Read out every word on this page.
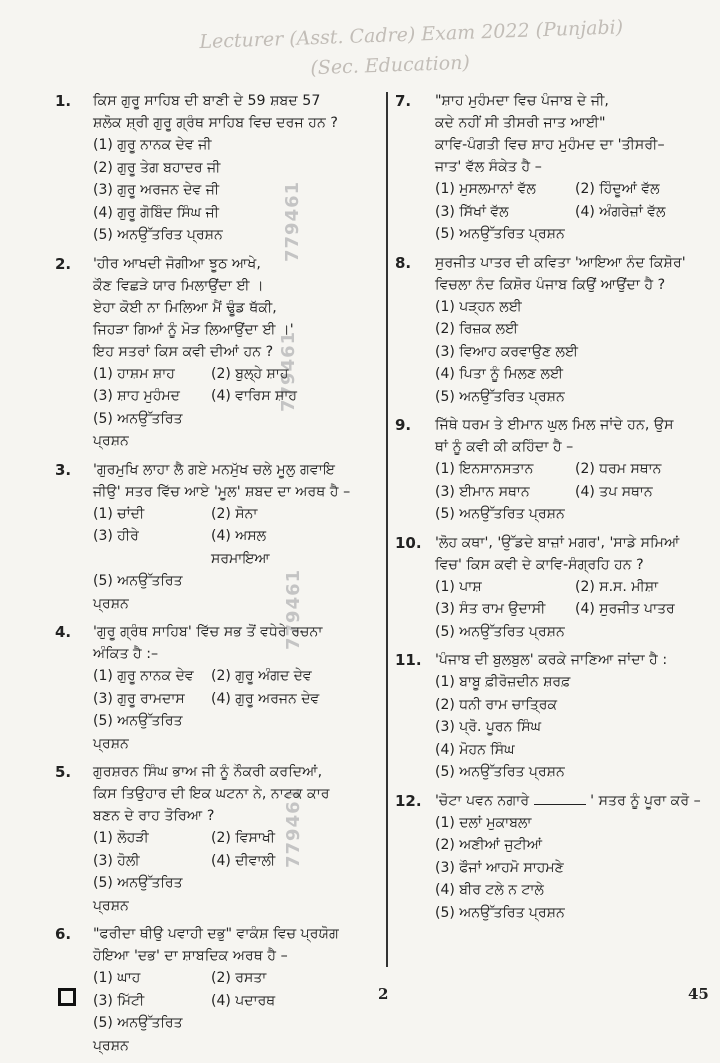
Lecturer (Asst. Cadre) Exam 2022 (Punjabi)
(Sec. Education)
779461
779461
779461
779461
1. ਕਿਸ ਗੁਰੂ ਸਾਹਿਬ ਦੀ ਬਾਣੀ ਦੇ 59 ਸ਼ਬਦ 57
ਸ਼ਲੋਕ ਸ਼੍ਰੀ ਗੁਰੂ ਗ੍ਰੰਥ ਸਾਹਿਬ ਵਿਚ ਦਰਜ ਹਨ ?
(1) ਗੁਰੂ ਨਾਨਕ ਦੇਵ ਜੀ
(2) ਗੁਰੂ ਤੇਗ ਬਹਾਦਰ ਜੀ
(3) ਗੁਰੂ ਅਰਜਨ ਦੇਵ ਜੀ
(4) ਗੁਰੂ ਗੋਬਿੰਦ ਸਿੰਘ ਜੀ
(5) ਅਨਉੱਤਰਿਤ ਪ੍ਰਸ਼ਨ
2. 'ਹੀਰ ਆਖਦੀ ਜੋਗੀਆ ਝੂਠ ਆਖੇ,
ਕੌਣ ਵਿਛੜੇ ਯਾਰ ਮਿਲਾਉਂਦਾ ਈ ।
ਏਹਾ ਕੋਈ ਨਾ ਮਿਲਿਆ ਮੈਂ ਢੂੰਡ ਥੱਕੀ,
ਜਿਹੜਾ ਗਿਆਂ ਨੂੰ ਮੋੜ ਲਿਆਉਂਦਾ ਈ ।'
ਇਹ ਸਤਰਾਂ ਕਿਸ ਕਵੀ ਦੀਆਂ ਹਨ ?
(1) ਹਾਸ਼ਮ ਸ਼ਾਹ	(2) ਬੁਲ੍ਹੇ ਸ਼ਾਹ
(3) ਸ਼ਾਹ ਮੁਹੰਮਦ	(4) ਵਾਰਿਸ ਸ਼ਾਹ
(5) ਅਨਉੱਤਰਿਤ ਪ੍ਰਸ਼ਨ
3. 'ਗੁਰਮੁਖਿ ਲਾਹਾ ਲੈ ਗਏ ਮਨਮੁੱਖ ਚਲੇ ਮੂਲੁ ਗਵਾਇ
ਜੀਉ' ਸਤਰ ਵਿੱਚ ਆਏ 'ਮੂਲ' ਸ਼ਬਦ ਦਾ ਅਰਥ ਹੈ –
(1) ਚਾਂਦੀ	(2) ਸੋਨਾ
(3) ਹੀਰੇ	(4) ਅਸਲ ਸਰਮਾਇਆ
(5) ਅਨਉੱਤਰਿਤ ਪ੍ਰਸ਼ਨ
4. 'ਗੁਰੂ ਗ੍ਰੰਥ ਸਾਹਿਬ' ਵਿੱਚ ਸਭ ਤੋਂ ਵਧੇਰੇ ਰਚਨਾ
ਅੰਕਿਤ ਹੈ :–
(1) ਗੁਰੂ ਨਾਨਕ ਦੇਵ	(2) ਗੁਰੂ ਅੰਗਦ ਦੇਵ
(3) ਗੁਰੂ ਰਾਮਦਾਸ	(4) ਗੁਰੂ ਅਰਜਨ ਦੇਵ
(5) ਅਨਉੱਤਰਿਤ ਪ੍ਰਸ਼ਨ
5. ਗੁਰਸ਼ਰਨ ਸਿੰਘ ਭਾਅ ਜੀ ਨੂੰ ਨੌਕਰੀ ਕਰਦਿਆਂ,
ਕਿਸ ਤਿਉਹਾਰ ਦੀ ਇਕ ਘਟਨਾ ਨੇ, ਨਾਟਕ ਕਾਰ
ਬਣਨ ਦੇ ਰਾਹ ਤੋਰਿਆ ?
(1) ਲੋਹੜੀ	(2) ਵਿਸਾਖੀ
(3) ਹੋਲੀ	(4) ਦੀਵਾਲੀ
(5) ਅਨਉੱਤਰਿਤ ਪ੍ਰਸ਼ਨ
6. "ਫਰੀਦਾ ਥੀਉ ਪਵਾਹੀ ਦਭੁ" ਵਾਕੰਸ਼ ਵਿਚ ਪ੍ਰਯੋਗ
ਹੋਇਆ 'ਦਭ' ਦਾ ਸ਼ਾਬਦਿਕ ਅਰਥ ਹੈ –
(1) ਘਾਹ	(2) ਰਸਤਾ
(3) ਮਿੱਟੀ	(4) ਪਦਾਰਥ
(5) ਅਨਉੱਤਰਿਤ ਪ੍ਰਸ਼ਨ
7. "ਸ਼ਾਹ ਮੁਹੰਮਦਾ ਵਿਚ ਪੰਜਾਬ ਦੇ ਜੀ,
ਕਦੇ ਨਹੀਂ ਸੀ ਤੀਸਰੀ ਜਾਤ ਆਈ"
ਕਾਵਿ-ਪੰਗਤੀ ਵਿਚ ਸ਼ਾਹ ਮੁਹੰਮਦ ਦਾ 'ਤੀਸਰੀ–
ਜਾਤ' ਵੱਲ ਸੰਕੇਤ ਹੈ –
(1) ਮੁਸਲਮਾਨਾਂ ਵੱਲ	(2) ਹਿੰਦੂਆਂ ਵੱਲ
(3) ਸਿੱਖਾਂ ਵੱਲ	(4) ਅੰਗਰੇਜ਼ਾਂ ਵੱਲ
(5) ਅਨਉੱਤਰਿਤ ਪ੍ਰਸ਼ਨ
8. ਸੁਰਜੀਤ ਪਾਤਰ ਦੀ ਕਵਿਤਾ 'ਆਇਆ ਨੰਦ ਕਿਸ਼ੋਰ'
ਵਿਚਲਾ ਨੰਦ ਕਿਸ਼ੋਰ ਪੰਜਾਬ ਕਿਉਂ ਆਉਂਦਾ ਹੈ ?
(1) ਪੜ੍ਹਨ ਲਈ
(2) ਰਿਜ਼ਕ ਲਈ
(3) ਵਿਆਹ ਕਰਵਾਉਣ ਲਈ
(4) ਪਿਤਾ ਨੂੰ ਮਿਲਣ ਲਈ
(5) ਅਨਉੱਤਰਿਤ ਪ੍ਰਸ਼ਨ
9. ਜਿੱਥੇ ਧਰਮ ਤੇ ਈਮਾਨ ਘੁਲ ਮਿਲ ਜਾਂਦੇ ਹਨ, ਉਸ
ਥਾਂ ਨੂੰ ਕਵੀ ਕੀ ਕਹਿੰਦਾ ਹੈ –
(1) ਇਨਸਾਨਸਤਾਨ	(2) ਧਰਮ ਸਥਾਨ
(3) ਈਮਾਨ ਸਥਾਨ	(4) ਤਪ ਸਥਾਨ
(5) ਅਨਉੱਤਰਿਤ ਪ੍ਰਸ਼ਨ
10. 'ਲੋਹ ਕਥਾ', 'ਉੱਡਦੇ ਬਾਜ਼ਾਂ ਮਗਰ', 'ਸਾਡੇ ਸਮਿਆਂ
ਵਿਚ' ਕਿਸ ਕਵੀ ਦੇ ਕਾਵਿ-ਸੰਗ੍ਰਹਿ ਹਨ ?
(1) ਪਾਸ਼	(2) ਸ.ਸ. ਮੀਸ਼ਾ
(3) ਸੰਤ ਰਾਮ ਉਦਾਸੀ	(4) ਸੁਰਜੀਤ ਪਾਤਰ
(5) ਅਨਉੱਤਰਿਤ ਪ੍ਰਸ਼ਨ
11. 'ਪੰਜਾਬ ਦੀ ਬੁਲਬੁਲ' ਕਰਕੇ ਜਾਣਿਆ ਜਾਂਦਾ ਹੈ :
(1) ਬਾਬੂ ਫ਼ੀਰੋਜ਼ਦੀਨ ਸ਼ਰਫ਼
(2) ਧਨੀ ਰਾਮ ਚਾਤ੍ਰਿਕ
(3) ਪ੍ਰੋ. ਪੂਰਨ ਸਿੰਘ
(4) ਮੋਹਨ ਸਿੰਘ
(5) ਅਨਉੱਤਰਿਤ ਪ੍ਰਸ਼ਨ
12. 'ਚੋਟਾ ਪਵਨ ਨਗਾਰੇ	' ਸਤਰ ਨੂੰ ਪੂਰਾ ਕਰੋ –
(1) ਦਲਾਂ ਮੁਕਾਬਲਾ
(2) ਅਣੀਆਂ ਜੁਟੀਆਂ
(3) ਫੌਜਾਂ ਆਹਮੋ ਸਾਹਮਣੇ
(4) ਬੀਰ ਟਲੇ ਨ ਟਾਲੇ
(5) ਅਨਉੱਤਰਿਤ ਪ੍ਰਸ਼ਨ
2	45
